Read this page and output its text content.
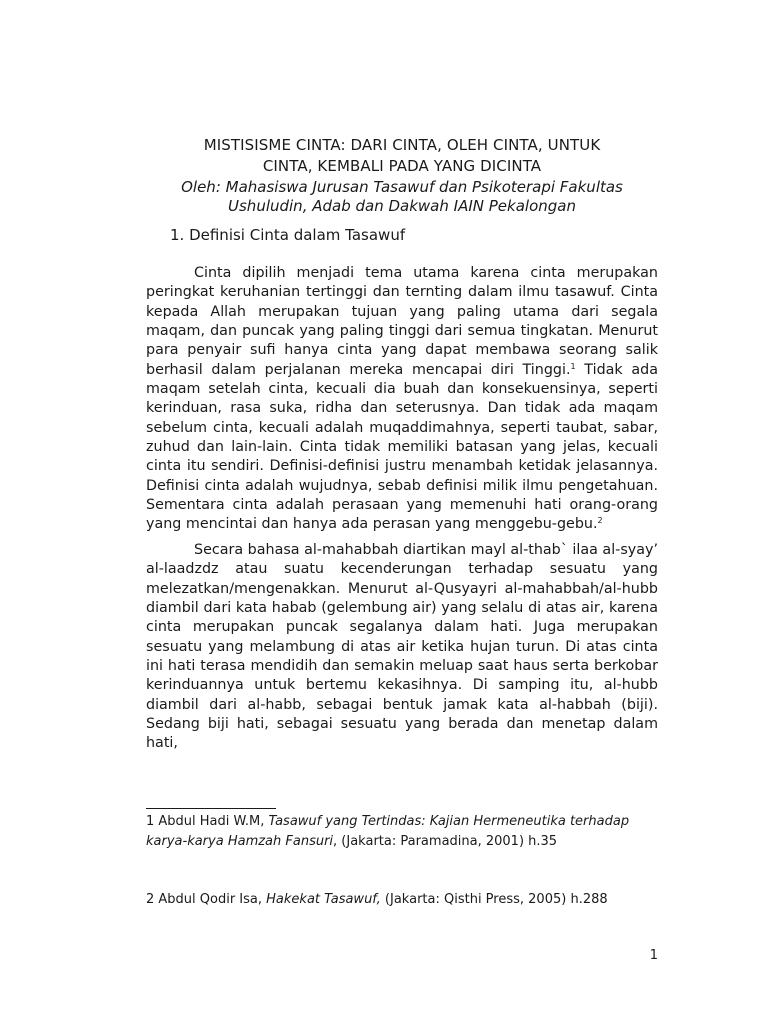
MISTISISME CINTA: DARI CINTA, OLEH CINTA, UNTUK
CINTA, KEMBALI PADA YANG DICINTA
Oleh: Mahasiswa Jurusan Tasawuf dan Psikoterapi Fakultas
Ushuludin, Adab dan Dakwah IAIN Pekalongan
1. Definisi Cinta dalam Tasawuf

Cinta dipilih menjadi tema utama karena cinta merupakan peringkat keruhanian tertinggi dan ternting dalam ilmu tasawuf. Cinta kepada Allah merupakan tujuan yang paling utama dari segala maqam, dan puncak yang paling tinggi dari semua tingkatan. Menurut para penyair sufi hanya cinta yang dapat membawa seorang salik berhasil dalam perjalanan mereka mencapai diri Tinggi.$^1$ Tidak ada maqam setelah cinta, kecuali dia buah dan konsekuensinya, seperti kerinduan, rasa suka, ridha dan seterusnya. Dan tidak ada maqam sebelum cinta, kecuali adalah muqaddimahnya, seperti taubat, sabar, zuhud dan lain-lain. Cinta tidak memiliki batasan yang jelas, kecuali cinta itu sendiri. Definisi-definisi justru menambah ketidak jelasannya. Definisi cinta adalah wujudnya, sebab definisi milik ilmu pengetahuan. Sementara cinta adalah perasaan yang memenuhi hati orang-orang yang mencintai dan hanya ada perasan yang menggebu-gebu.$^2$

Secara bahasa al-mahabbah diartikan mayl al-thab` ilaa al-syay’ al-laadzdz atau suatu kecenderungan terhadap sesuatu yang melezatkan/mengenakkan. Menurut al-Qusyayri al-mahabbah/al-hubb diambil dari kata habab (gelembung air) yang selalu di atas air, karena cinta merupakan puncak segalanya dalam hati. Juga merupakan sesuatu yang melambung di atas air ketika hujan turun. Di atas cinta ini hati terasa mendidih dan semakin meluap saat haus serta berkobar kerinduannya untuk bertemu kekasihnya. Di samping itu, al-hubb diambil dari al-habb, sebagai bentuk jamak kata al-habbah (biji). Sedang biji hati, sebagai sesuatu yang berada dan menetap dalam hati,

1 Abdul Hadi W.M, Tasawuf yang Tertindas: Kajian Hermeneutika terhadap karya-karya Hamzah Fansuri, (Jakarta: Paramadina, 2001) h.35
2 Abdul Qodir Isa, Hakekat Tasawuf, (Jakarta: Qisthi Press, 2005) h.288
1
